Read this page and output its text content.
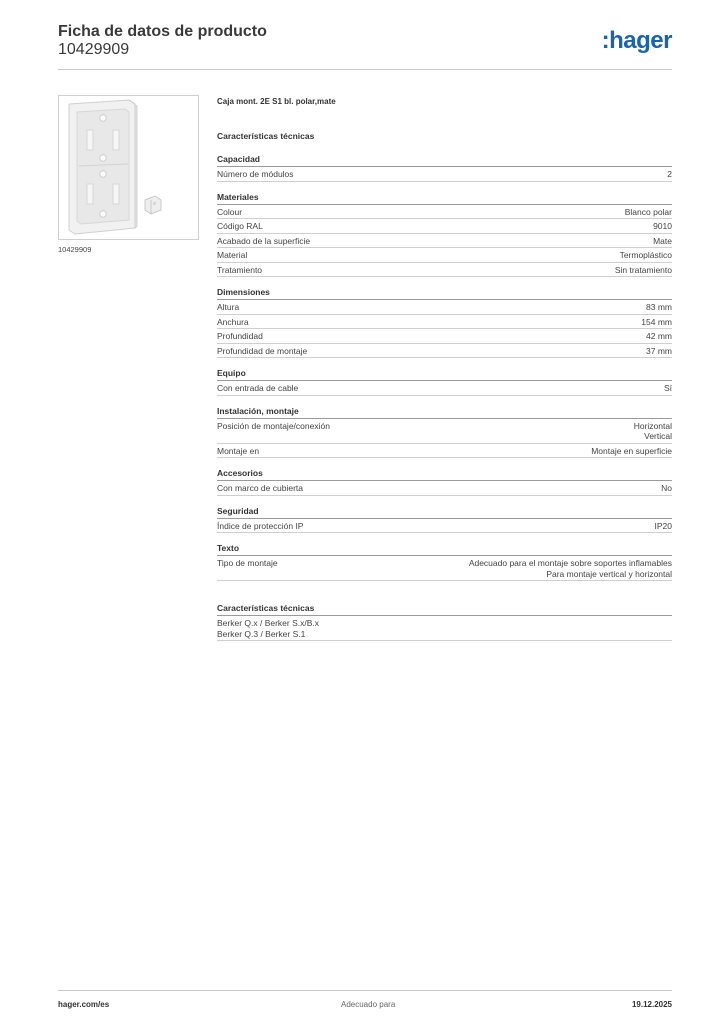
Ficha de datos de producto
10429909	:hager
10429909
Caja mont. 2E S1 bl. polar,mate
Características técnicas
Capacidad
Número de módulos	2
Materiales
Colour	Blanco polar
Código RAL	9010
Acabado de la superficie	Mate
Material	Termoplástico
Tratamiento	Sin tratamiento
Dimensiones
Altura	83 mm
Anchura	154 mm
Profundidad	42 mm
Profundidad de montaje	37 mm
Equipo
Con entrada de cable	Sí
Instalación, montaje
Posición de montaje/conexión	Horizontal
Vertical
Montaje en	Montaje en superficie
Accesorios
Con marco de cubierta	No
Seguridad
Índice de protección IP	IP20
Texto
Tipo de montaje	Adecuado para el montaje sobre soportes inflamables
Para montaje vertical y horizontal
Características técnicas
Berker Q.x / Berker S.x/B.x
Berker Q.3 / Berker S.1
hager.com/es	Adecuado para	19.12.2025
